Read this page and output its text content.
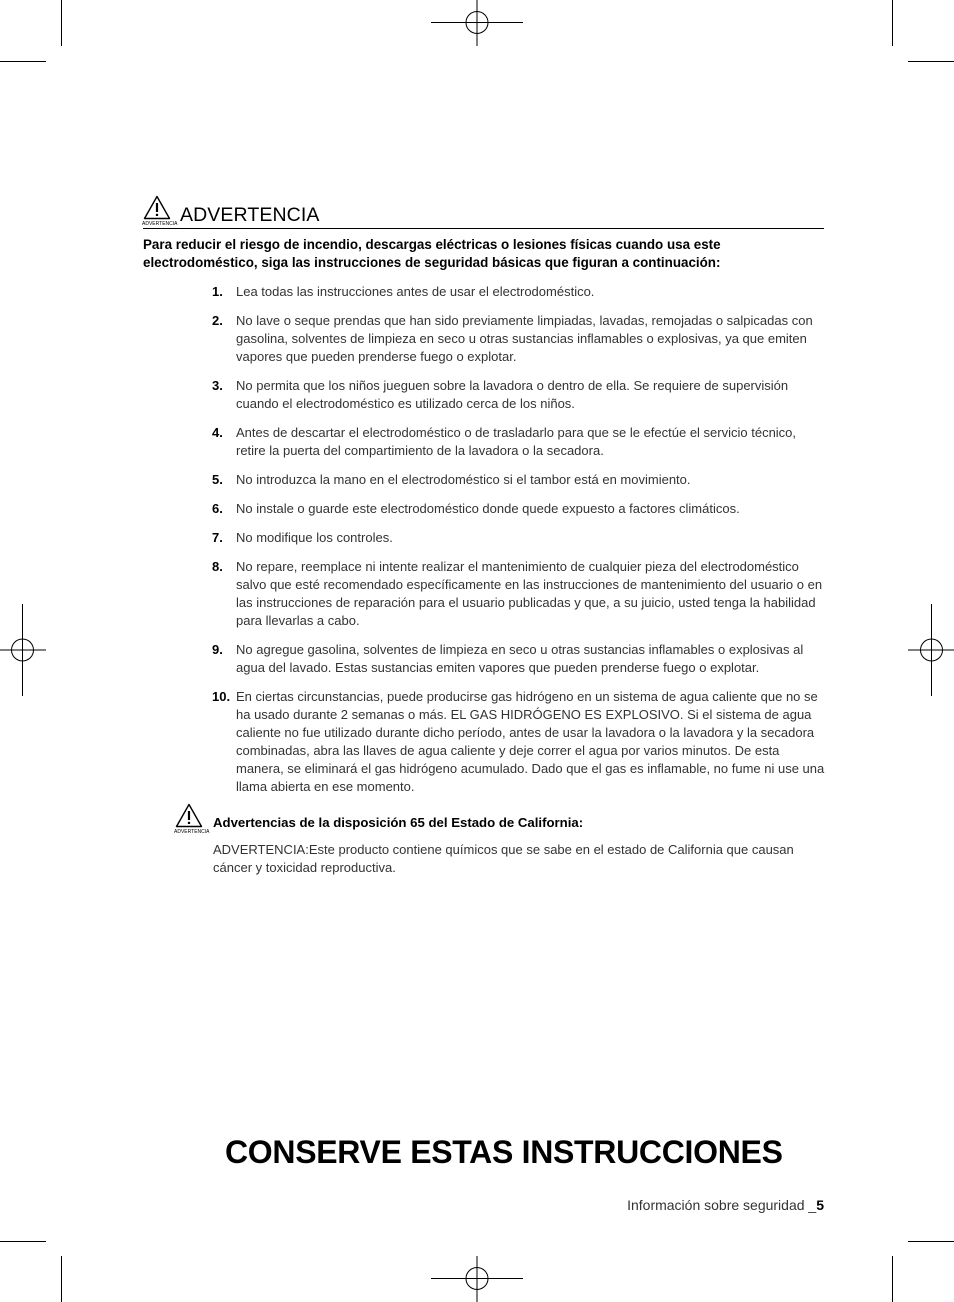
ADVERTENCIA ADVERTENCIA
Para reducir el riesgo de incendio, descargas eléctricas o lesiones físicas cuando usa este electrodoméstico, siga las instrucciones de seguridad básicas que figuran a continuación:
1. Lea todas las instrucciones antes de usar el electrodoméstico.
2. No lave o seque prendas que han sido previamente limpiadas, lavadas, remojadas o salpicadas con gasolina, solventes de limpieza en seco u otras sustancias inflamables o explosivas, ya que emiten vapores que pueden prenderse fuego o explotar.
3. No permita que los niños jueguen sobre la lavadora o dentro de ella. Se requiere de supervisión cuando el electrodoméstico es utilizado cerca de los niños.
4. Antes de descartar el electrodoméstico o de trasladarlo para que se le efectúe el servicio técnico, retire la puerta del compartimiento de la lavadora o la secadora.
5. No introduzca la mano en el electrodoméstico si el tambor está en movimiento.
6. No instale o guarde este electrodoméstico donde quede expuesto a factores climáticos.
7. No modifique los controles.
8. No repare, reemplace ni intente realizar el mantenimiento de cualquier pieza del electrodoméstico salvo que esté recomendado específicamente en las instrucciones de mantenimiento del usuario o en las instrucciones de reparación para el usuario publicadas y que, a su juicio, usted tenga la habilidad para llevarlas a cabo.
9. No agregue gasolina, solventes de limpieza en seco u otras sustancias inflamables o explosivas al agua del lavado. Estas sustancias emiten vapores que pueden prenderse fuego o explotar.
10. En ciertas circunstancias, puede producirse gas hidrógeno en un sistema de agua caliente que no se ha usado durante 2 semanas o más. EL GAS HIDRÓGENO ES EXPLOSIVO. Si el sistema de agua caliente no fue utilizado durante dicho período, antes de usar la lavadora o la lavadora y la secadora combinadas, abra las llaves de agua caliente y deje correr el agua por varios minutos. De esta manera, se eliminará el gas hidrógeno acumulado. Dado que el gas es inflamable, no fume ni use una llama abierta en ese momento.
ADVERTENCIA
Advertencias de la disposición 65 del Estado de California:
ADVERTENCIA:Este producto contiene químicos que se sabe en el estado de California que causan cáncer y toxicidad reproductiva.
CONSERVE ESTAS INSTRUCCIONES
Información sobre seguridad _5
